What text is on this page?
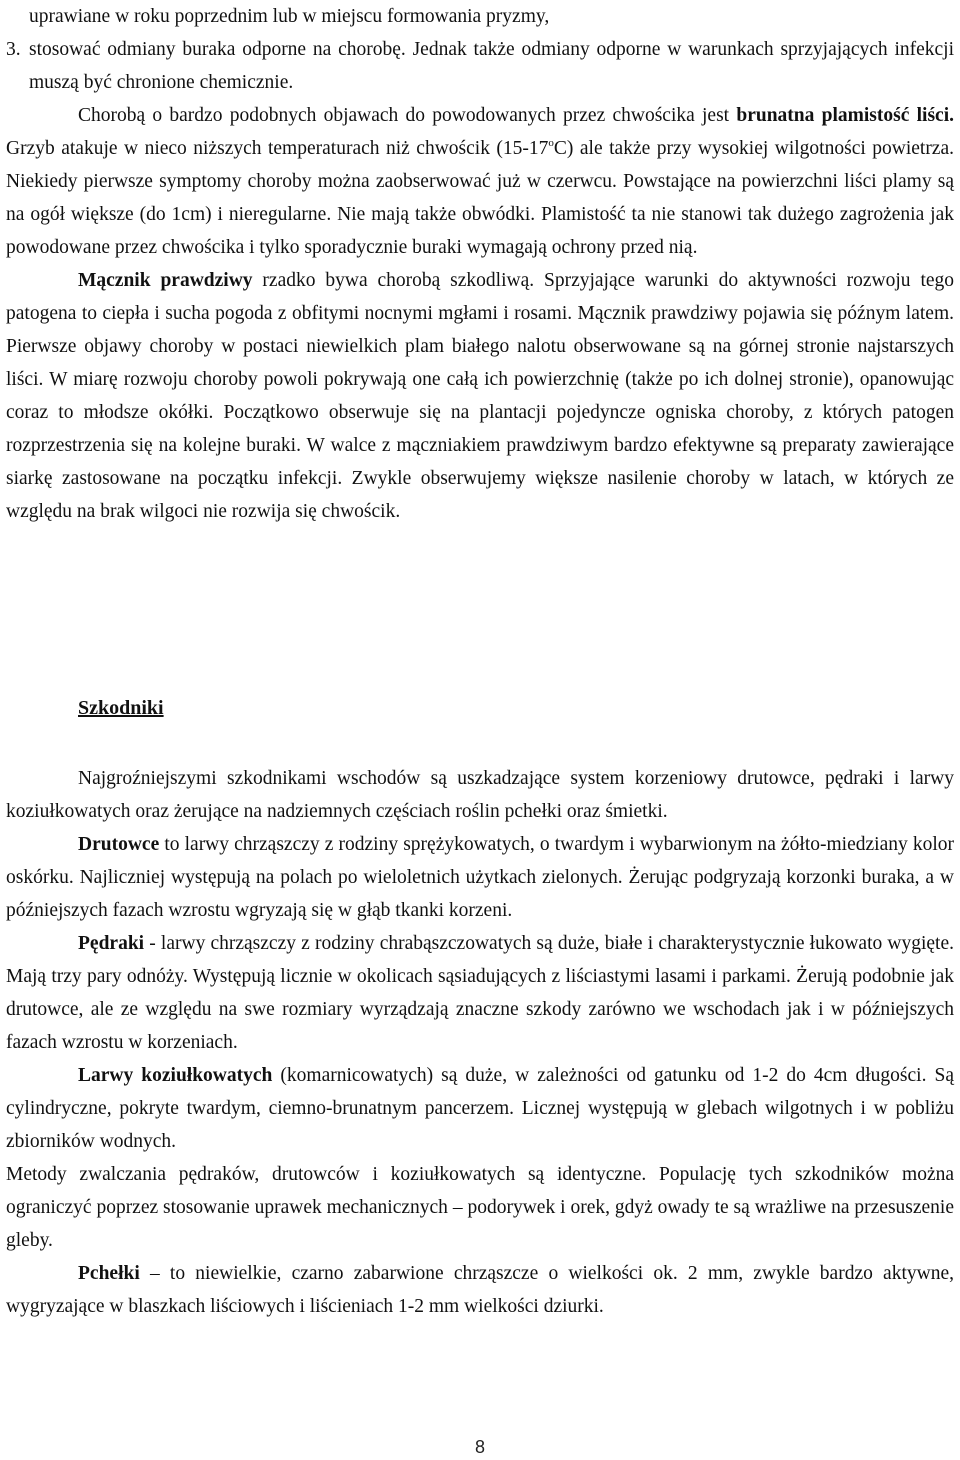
uprawiane w roku poprzednim lub w miejscu formowania pryzmy,

3. stosować odmiany buraka odporne na chorobę. Jednak także odmiany odporne w warunkach sprzyjających infekcji muszą być chronione chemicznie.

Chorobą o bardzo podobnych objawach do powodowanych przez chwościka jest brunatna plamistość liści. Grzyb atakuje w nieco niższych temperaturach niż chwościk (15-17$^o$C) ale także przy wysokiej wilgotności powietrza. Niekiedy pierwsze symptomy choroby można zaobserwować już w czerwcu. Powstające na powierzchni liści plamy są na ogół większe (do 1cm) i nieregularne. Nie mają także obwódki. Plamistość ta nie stanowi tak dużego zagrożenia jak powodowane przez chwościka i tylko sporadycznie buraki wymagają ochrony przed nią.

Mącznik prawdziwy rzadko bywa chorobą szkodliwą. Sprzyjające warunki do aktywności rozwoju tego patogena to ciepła i sucha pogoda z obfitymi nocnymi mgłami i rosami. Mącznik prawdziwy pojawia się późnym latem. Pierwsze objawy choroby w postaci niewielkich plam białego nalotu obserwowane są na górnej stronie najstarszych liści. W miarę rozwoju choroby powoli pokrywają one całą ich powierzchnię (także po ich dolnej stronie), opanowując coraz to młodsze okółki. Początkowo obserwuje się na plantacji pojedyncze ogniska choroby, z których patogen rozprzestrzenia się na kolejne buraki. W walce z mączniakiem prawdziwym bardzo efektywne są preparaty zawierające siarkę zastosowane na początku infekcji. Zwykle obserwujemy większe nasilenie choroby w latach, w których ze względu na brak wilgoci nie rozwija się chwościk.

Szkodniki

Najgroźniejszymi szkodnikami wschodów są uszkadzające system korzeniowy drutowce, pędraki i larwy koziułkowatych oraz żerujące na nadziemnych częściach roślin pchełki oraz śmietki.

Drutowce to larwy chrząszczy z rodziny sprężykowatych, o twardym i wybarwionym na żółto-miedziany kolor oskórku. Najliczniej występują na polach po wieloletnich użytkach zielonych. Żerując podgryzają korzonki buraka, a w późniejszych fazach wzrostu wgryzają się w głąb tkanki korzeni.

Pędraki - larwy chrząszczy z rodziny chrabąszczowatych są duże, białe i charakterystycznie łukowato wygięte. Mają trzy pary odnóży. Występują licznie w okolicach sąsiadujących z liściastymi lasami i parkami. Żerują podobnie jak drutowce, ale ze względu na swe rozmiary wyrządzają znaczne szkody zarówno we wschodach jak i w późniejszych fazach wzrostu w korzeniach.

Larwy koziułkowatych (komarnicowatych) są duże, w zależności od gatunku od 1-2 do 4cm długości. Są cylindryczne, pokryte twardym, ciemno-brunatnym pancerzem. Licznej występują w glebach wilgotnych i w pobliżu zbiorników wodnych.

Metody zwalczania pędraków, drutowców i koziułkowatych są identyczne. Populację tych szkodników można ograniczyć poprzez stosowanie uprawek mechanicznych – podorywek i orek, gdyż owady te są wrażliwe na przesuszenie gleby.

Pchełki – to niewielkie, czarno zabarwione chrząszcze o wielkości ok. 2 mm, zwykle bardzo aktywne, wygryzające w blaszkach liściowych i liścieniach 1-2 mm wielkości dziurki.

8
